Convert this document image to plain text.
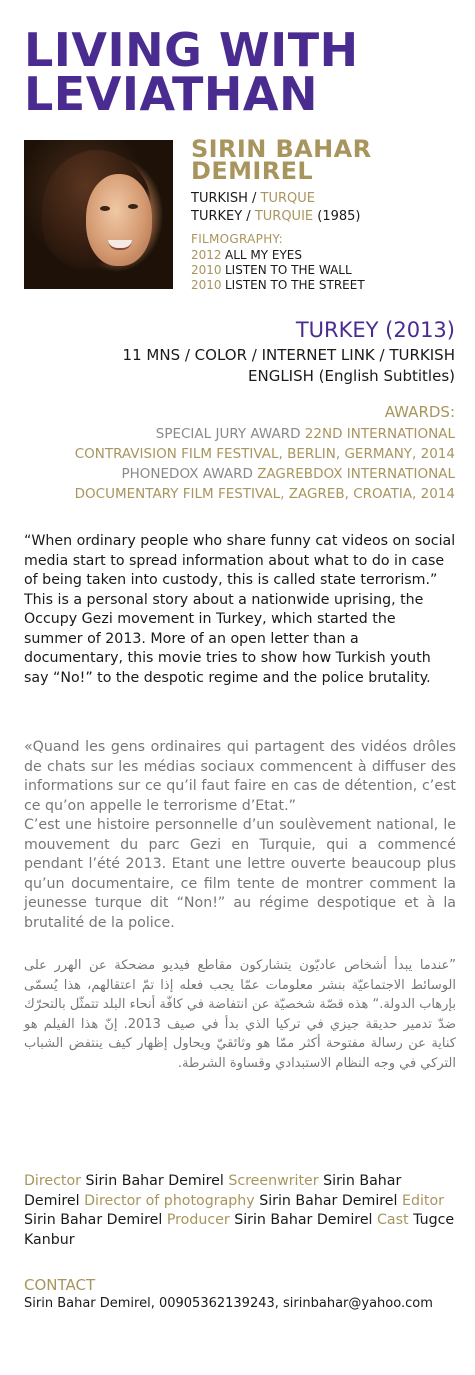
LIVING WITH
LEVIATHAN
SIRIN BAHAR
DEMIREL
TURKISH / TURQUE
TURKEY / TURQUIE (1985)
FILMOGRAPHY:
2012 ALL MY EYES
2010 LISTEN TO THE WALL
2010 LISTEN TO THE STREET
TURKEY (2013)
11 MNS / COLOR / INTERNET LINK / TURKISH
ENGLISH (English Subtitles)
AWARDS:
SPECIAL JURY AWARD 22ND INTERNATIONAL
CONTRAVISION FILM FESTIVAL, BERLIN, GERMANY, 2014
PHONEDOX AWARD ZAGREBDOX INTERNATIONAL
DOCUMENTARY FILM FESTIVAL, ZAGREB, CROATIA, 2014
“When ordinary people who share funny cat videos on social media start to spread information about what to do in case of being taken into custody, this is called state terrorism.” This is a personal story about a nationwide uprising, the Occupy Gezi movement in Turkey, which started the summer of 2013. More of an open letter than a documentary, this movie tries to show how Turkish youth say “No!” to the despotic regime and the police brutality.
«Quand les gens ordinaires qui partagent des vidéos drôles de chats sur les médias sociaux commencent à diffuser des informations sur ce qu’il faut faire en cas de détention, c’est ce qu’on appelle le terrorisme d’Etat.”
C’est une histoire personnelle d’un soulèvement national, le mouvement du parc Gezi en Turquie, qui a commencé pendant l’été 2013. Etant une lettre ouverte beaucoup plus qu’un documentaire, ce film tente de montrer comment la jeunesse turque dit “Non!” au régime despotique et à la brutalité de la police.
”عندما يبدأ أشخاص عاديّون يتشاركون مقاطع فيديو مضحكة عن الهرر على الوسائط الاجتماعيّة بنشر معلومات عمّا يجب فعله إذا تمّ اعتقالهم، هذا يُسمّى بإرهاب الدولة.“ هذه قصّة شخصيّة عن انتفاضة في كافّة أنحاء البلد تتمثّل بالتحرّك ضدّ تدمير حديقة جيزي في تركيا الذي بدأ في صيف 2013. إنّ هذا الفيلم هو كناية عن رسالة مفتوحة أكثر ممّا هو وثائقيّ ويحاول إظهار كيف ينتفض الشباب التركي في وجه النظام الاستبدادي وقساوة الشرطة.
Director Sirin Bahar Demirel Screenwriter Sirin Bahar Demirel Director of photography Sirin Bahar Demirel Editor Sirin Bahar Demirel Producer Sirin Bahar Demirel Cast Tugce Kanbur
CONTACT
Sirin Bahar Demirel, 00905362139243, sirinbahar@yahoo.com
